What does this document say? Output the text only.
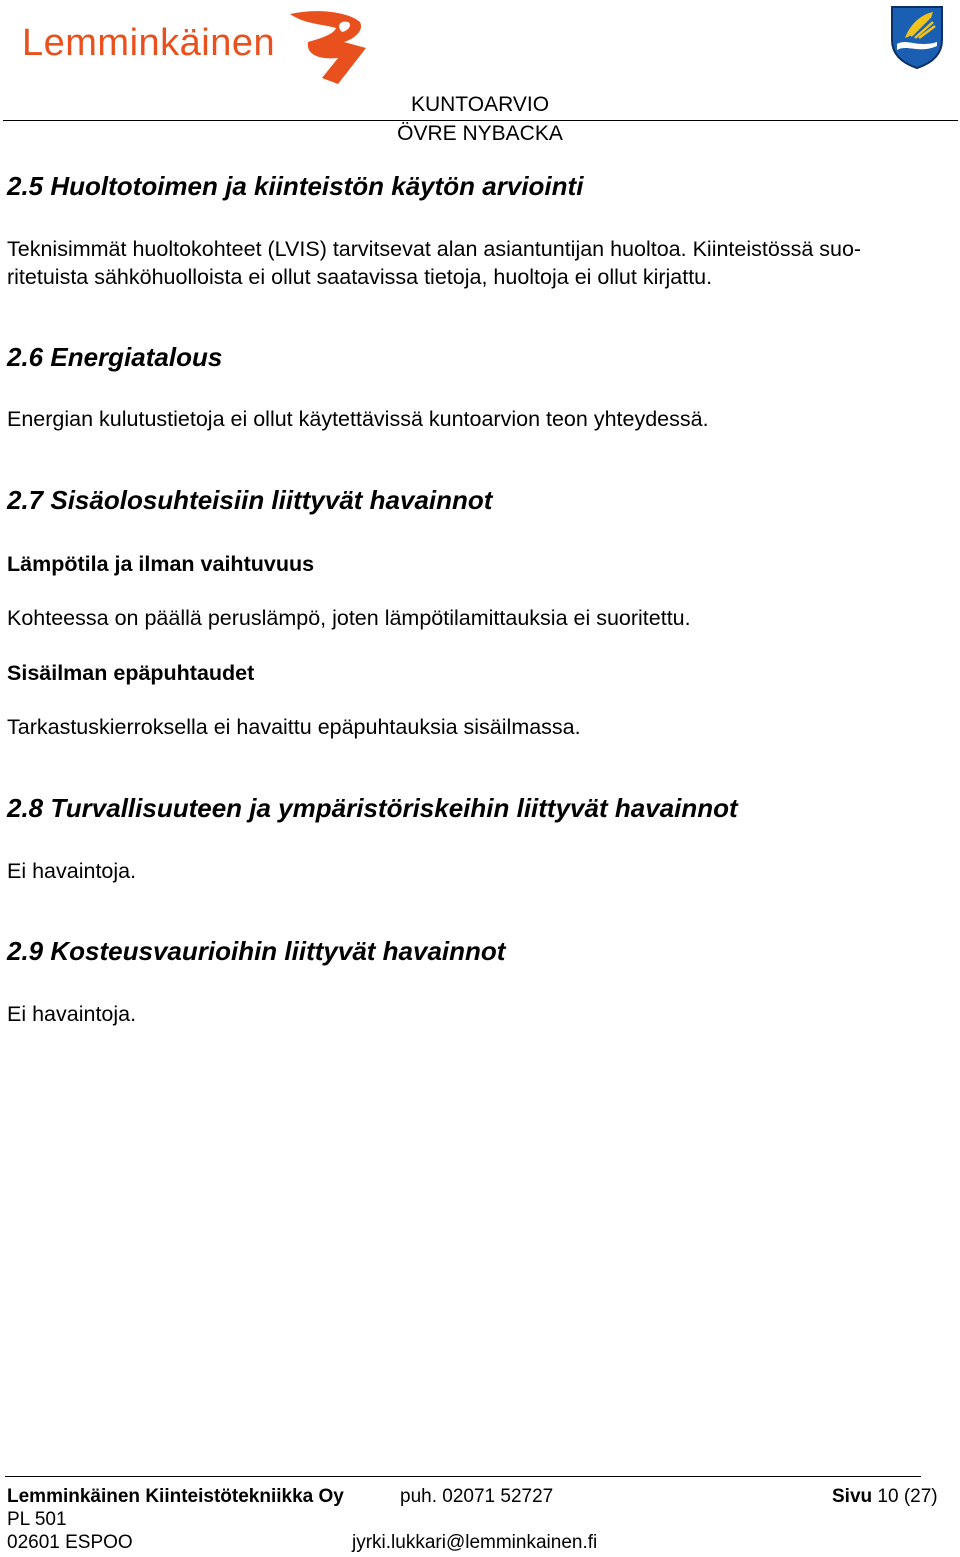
Lemminkäinen
KUNTOARVIO
ÖVRE NYBACKA
2.5 Huoltotoimen ja kiinteistön käytön arviointi
Teknisimmät huoltokohteet (LVIS) tarvitsevat alan asiantuntijan huoltoa. Kiinteistössä suo-
ritetuista sähköhuolloista ei ollut saatavissa tietoja, huoltoja ei ollut kirjattu.
2.6 Energiatalous
Energian kulutustietoja ei ollut käytettävissä kuntoarvion teon yhteydessä.
2.7 Sisäolosuhteisiin liittyvät havainnot
Lämpötila ja ilman vaihtuvuus
Kohteessa on päällä peruslämpö, joten lämpötilamittauksia ei suoritettu.
Sisäilman epäpuhtaudet
Tarkastuskierroksella ei havaittu epäpuhtauksia sisäilmassa.
2.8 Turvallisuuteen ja ympäristöriskeihin liittyvät havainnot
Ei havaintoja.
2.9 Kosteusvaurioihin liittyvät havainnot
Ei havaintoja.
Lemminkäinen Kiinteistötekniikka Oy	puh. 02071 52727	Sivu 10 (27)
PL 501
02601 ESPOO	jyrki.lukkari@lemminkainen.fi
